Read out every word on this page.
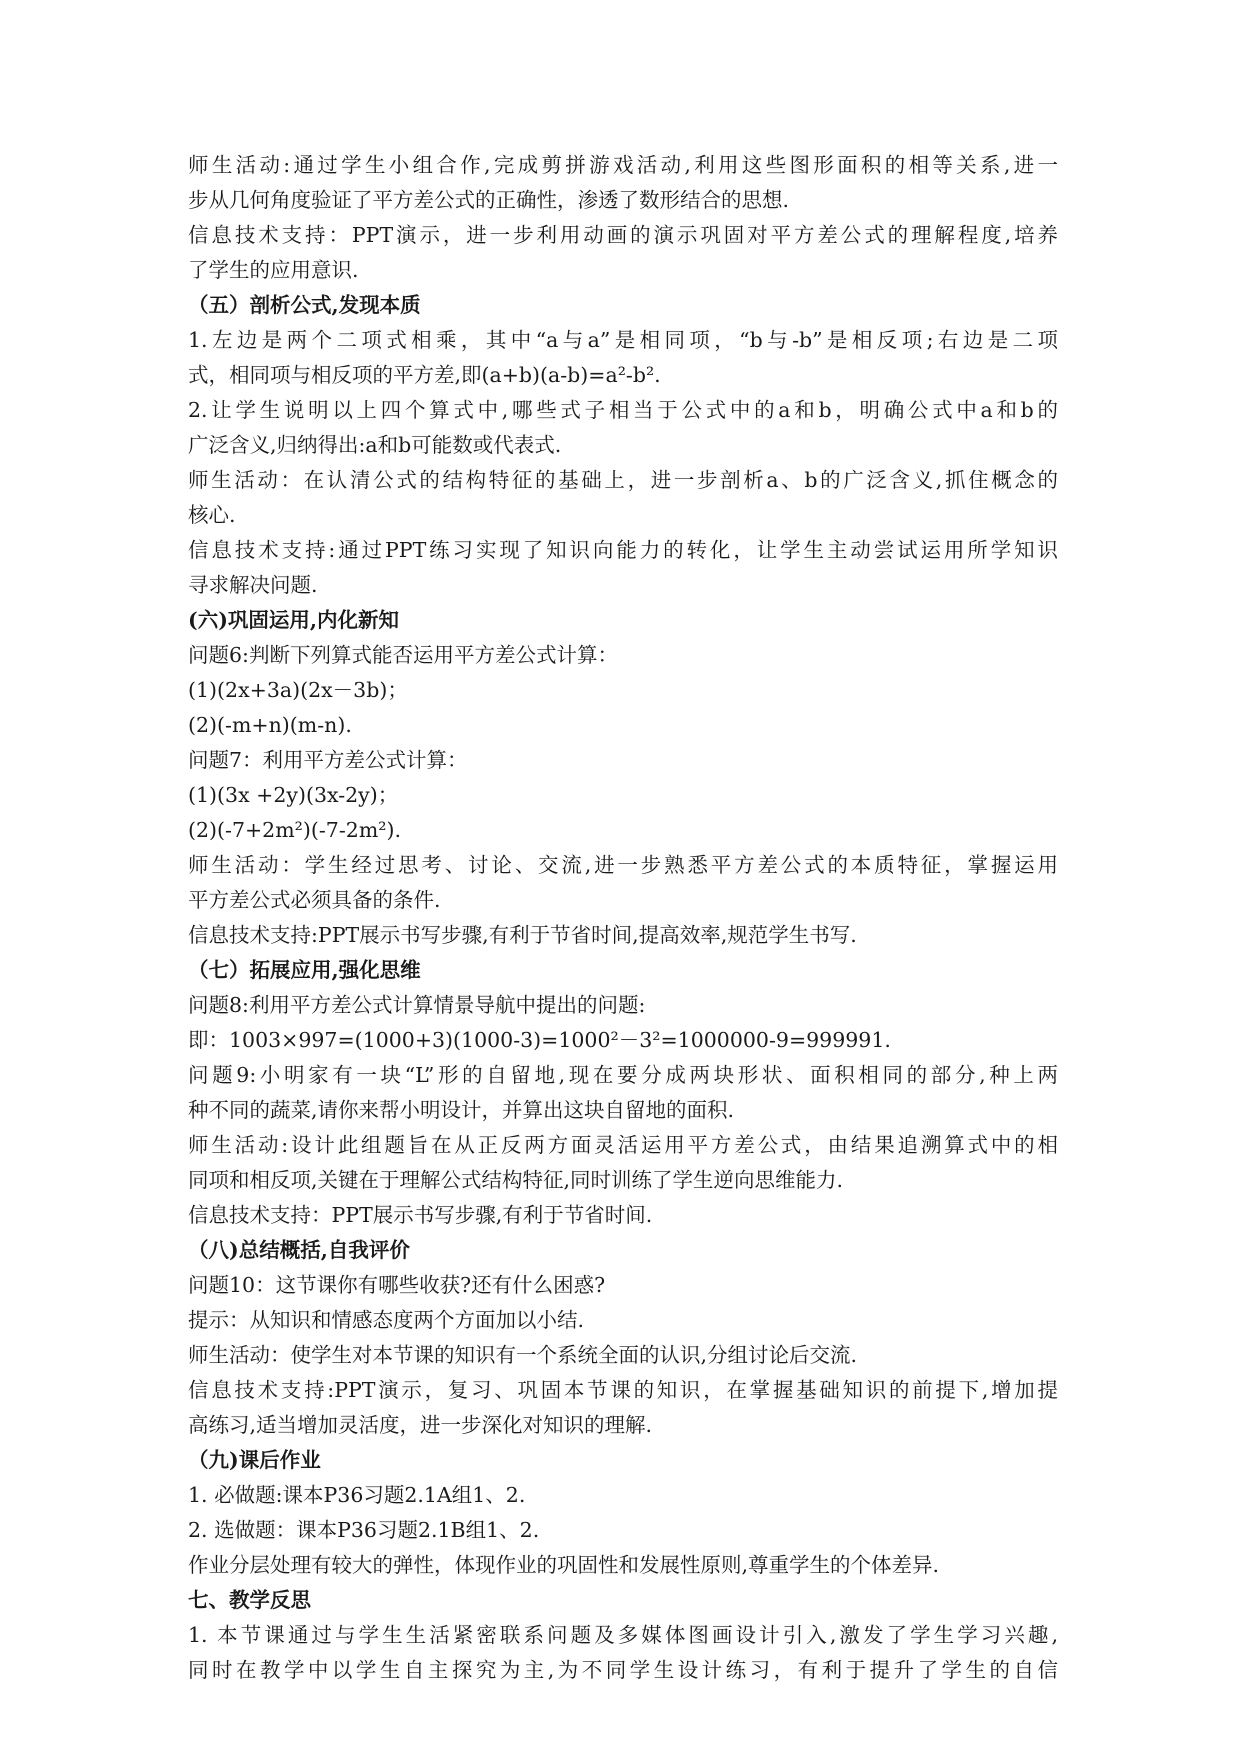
师生活动:通过学生小组合作,完成剪拼游戏活动,利用这些图形面积的相等关系,进一
步从几何角度验证了平方差公式的正确性，渗透了数形结合的思想.
信息技术支持：PPT演示，进一步利用动画的演示巩固对平方差公式的理解程度,培养
了学生的应用意识.
（五）剖析公式,发现本质
1.左边是两个二项式相乘，其中“a与a”是相同项，“b与-b”是相反项;右边是二项
式，相同项与相反项的平方差,即(a+b)(a-b)=a²-b².
2.让学生说明以上四个算式中,哪些式子相当于公式中的a和b，明确公式中a和b的
广泛含义,归纳得出:a和b可能数或代表式.
师生活动：在认清公式的结构特征的基础上，进一步剖析a、b的广泛含义,抓住概念的
核心.
信息技术支持:通过PPT练习实现了知识向能力的转化，让学生主动尝试运用所学知识
寻求解决问题.
(六)巩固运用,内化新知
问题6:判断下列算式能否运用平方差公式计算：
(1)(2x+3a)(2x－3b)；
(2)(-m+n)(m-n).
问题7：利用平方差公式计算：
(1)(3x +2y)(3x-2y)；
(2)(-7+2m²)(-7-2m²).
师生活动：学生经过思考、讨论、交流,进一步熟悉平方差公式的本质特征，掌握运用
平方差公式必须具备的条件.
信息技术支持:PPT展示书写步骤,有利于节省时间,提高效率,规范学生书写.
（七）拓展应用,强化思维
问题8:利用平方差公式计算情景导航中提出的问题:
即：1003×997=(1000+3)(1000-3)=1000²－3²=1000000-9=999991.
问题9:小明家有一块“L”形的自留地,现在要分成两块形状、面积相同的部分,种上两
种不同的蔬菜,请你来帮小明设计，并算出这块自留地的面积.
师生活动:设计此组题旨在从正反两方面灵活运用平方差公式，由结果追溯算式中的相
同项和相反项,关键在于理解公式结构特征,同时训练了学生逆向思维能力.
信息技术支持：PPT展示书写步骤,有利于节省时间.
（八)总结概括,自我评价
问题10：这节课你有哪些收获?还有什么困惑?
提示：从知识和情感态度两个方面加以小结.
师生活动：使学生对本节课的知识有一个系统全面的认识,分组讨论后交流.
信息技术支持:PPT演示，复习、巩固本节课的知识，在掌握基础知识的前提下,增加提
高练习,适当增加灵活度，进一步深化对知识的理解.
（九)课后作业
1. 必做题:课本P36习题2.1A组1、2.
2. 选做题：课本P36习题2.1B组1、2.
作业分层处理有较大的弹性，体现作业的巩固性和发展性原则,尊重学生的个体差异.
七、教学反思
1. 本节课通过与学生生活紧密联系问题及多媒体图画设计引入,激发了学生学习兴趣,
同时在教学中以学生自主探究为主,为不同学生设计练习，有利于提升了学生的自信
